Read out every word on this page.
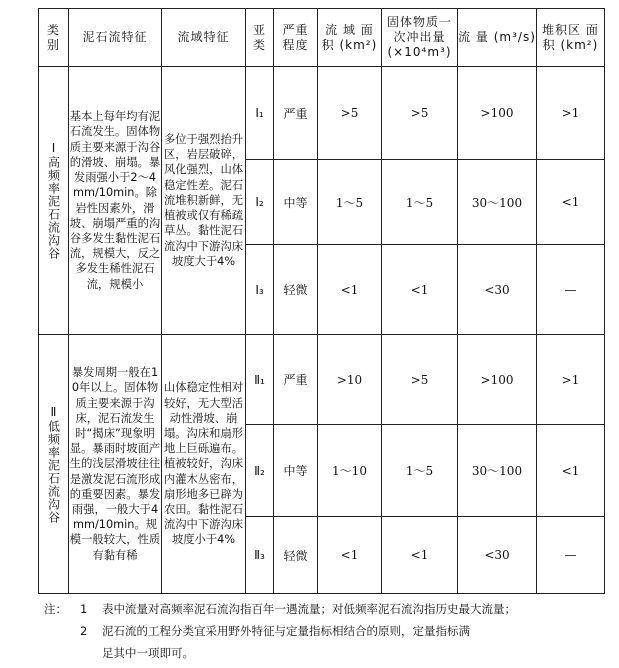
类 别	泥石流特征	流域特征	亚 类	严重 程度	流 域 面 积 (km²)	固体物质一 次冲出量 (×10⁴m³)	流 量 (m³/s)	堆积区 面 积 (km²)

Ⅰ高频率泥石流沟谷	基本上每年均有泥石流发生。固体物质主要来源于沟谷的滑坡、崩塌。暴发雨强小于2～4mm/10min。除岩性因素外，滑坡、崩塌严重的沟谷多发生黏性泥石流，规模大，反之多发生稀性泥石流，规模小	多位于强烈抬升区，岩层破碎，风化强烈，山体稳定性差。泥石流堆积新鲜，无植被或仅有稀疏草丛。黏性泥石流沟中下游沟床坡度大于4%	Ⅰ₁	严重	>5	>5	>100	>1
			Ⅰ₂	中等	1～5	1～5	30～100	<1
			Ⅰ₃	轻微	<1	<1	<30	—

Ⅱ低频率泥石流沟谷	暴发周期一般在10年以上。固体物质主要来源于沟床，泥石流发生时“揭床”现象明显。暴雨时坡面产生的浅层滑坡往往是激发泥石流形成的重要因素。暴发雨强，一般大于4mm/10min。规模一般较大，性质有黏有稀	山体稳定性相对较好，无大型活动性滑坡、崩塌。沟床和扇形地上巨砾遍布。植被较好，沟床内灌木丛密布，扇形地多已辟为农田。黏性泥石流沟中下游沟床坡度小于4%	Ⅱ₁	严重	>10	>5	>100	>1
			Ⅱ₂	中等	1～10	1～5	30～100	<1
			Ⅱ₃	轻微	<1	<1	<30	—
注：	1	表中流量对高频率泥石流沟指百年一遇流量；对低频率泥石流沟指历史最大流量；
2	泥石流的工程分类宜采用野外特征与定量指标相结合的原则，定量指标满
足其中一项即可。
